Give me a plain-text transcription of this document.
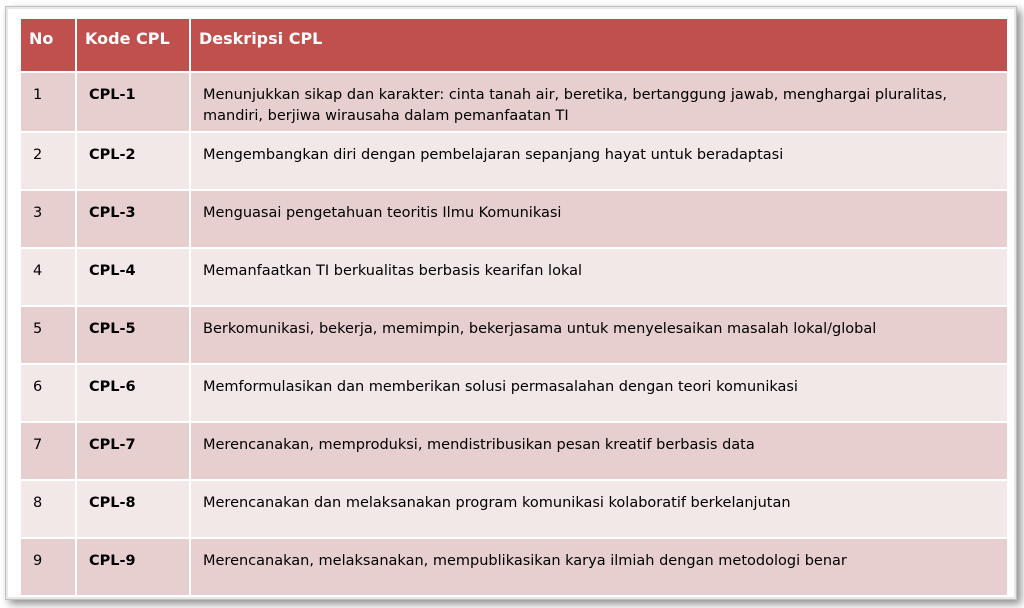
No	Kode CPL	Deskripsi CPL
1	CPL-1	Menunjukkan sikap dan karakter: cinta tanah air, beretika, bertanggung jawab, menghargai pluralitas, mandiri, berjiwa wirausaha dalam pemanfaatan TI
2	CPL-2	Mengembangkan diri dengan pembelajaran sepanjang hayat untuk beradaptasi
3	CPL-3	Menguasai pengetahuan teoritis Ilmu Komunikasi
4	CPL-4	Memanfaatkan TI berkualitas berbasis kearifan lokal
5	CPL-5	Berkomunikasi, bekerja, memimpin, bekerjasama untuk menyelesaikan masalah lokal/global
6	CPL-6	Memformulasikan dan memberikan solusi permasalahan dengan teori komunikasi
7	CPL-7	Merencanakan, memproduksi, mendistribusikan pesan kreatif berbasis data
8	CPL-8	Merencanakan dan melaksanakan program komunikasi kolaboratif berkelanjutan
9	CPL-9	Merencanakan, melaksanakan, mempublikasikan karya ilmiah dengan metodologi benar
